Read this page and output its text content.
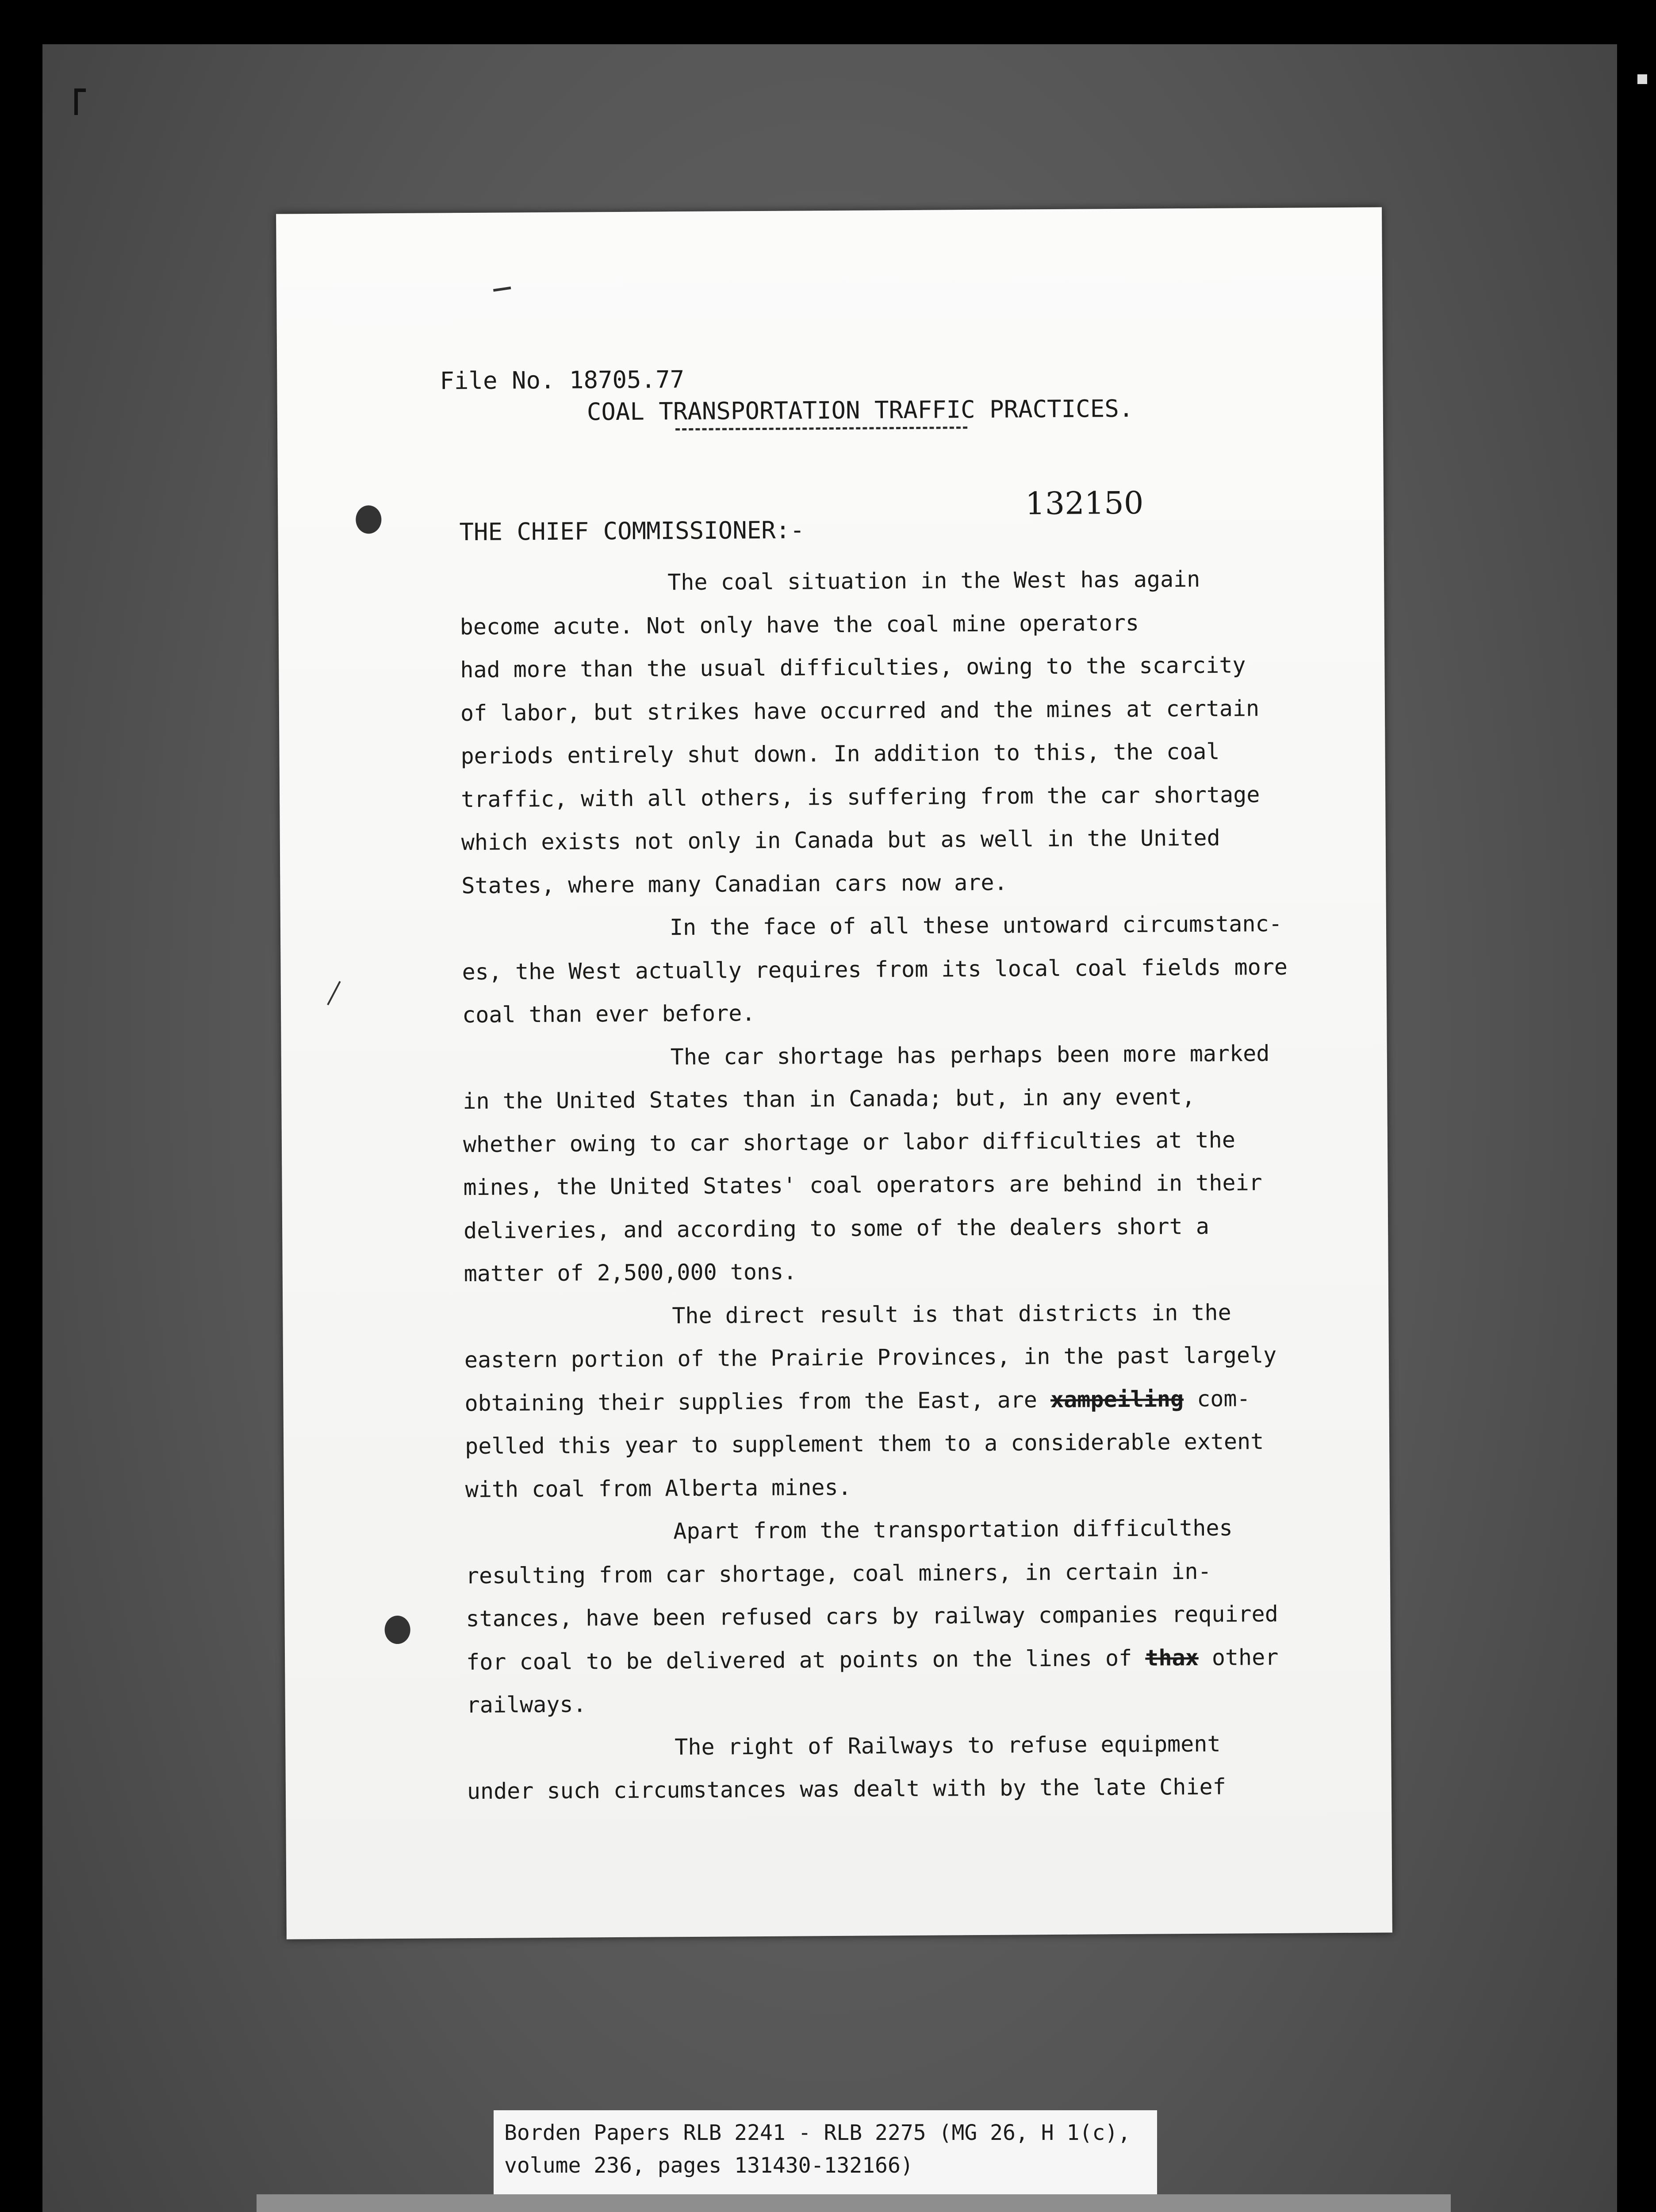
File No. 18705.77
COAL TRANSPORTATION TRAFFIC PRACTICES.
THE CHIEF COMMISSIONER:-
132150
The coal situation in the West has again
become acute. Not only have the coal mine operators
had more than the usual difficulties, owing to the scarcity
of labor, but strikes have occurred and the mines at certain
periods entirely shut down. In addition to this, the coal
traffic, with all others, is suffering from the car shortage
which exists not only in Canada but as well in the United
States, where many Canadian cars now are.
In the face of all these untoward circumstanc-
es, the West actually requires from its local coal fields more
coal than ever before.
The car shortage has perhaps been more marked
in the United States than in Canada; but, in any event,
whether owing to car shortage or labor difficulties at the
mines, the United States' coal operators are behind in their
deliveries, and according to some of the dealers short a
matter of 2,500,000 tons.
The direct result is that districts in the
eastern portion of the Prairie Provinces, in the past largely
obtaining their supplies from the East, are xampeiling com-
pelled this year to supplement them to a considerable extent
with coal from Alberta mines.
Apart from the transportation difficulthes
resulting from car shortage, coal miners, in certain in-
stances, have been refused cars by railway companies required
for coal to be delivered at points on the lines of thax other
railways.
The right of Railways to refuse equipment
under such circumstances was dealt with by the late Chief
Borden Papers RLB 2241 - RLB 2275 (MG 26, H 1(c),
volume 236, pages 131430-132166)
